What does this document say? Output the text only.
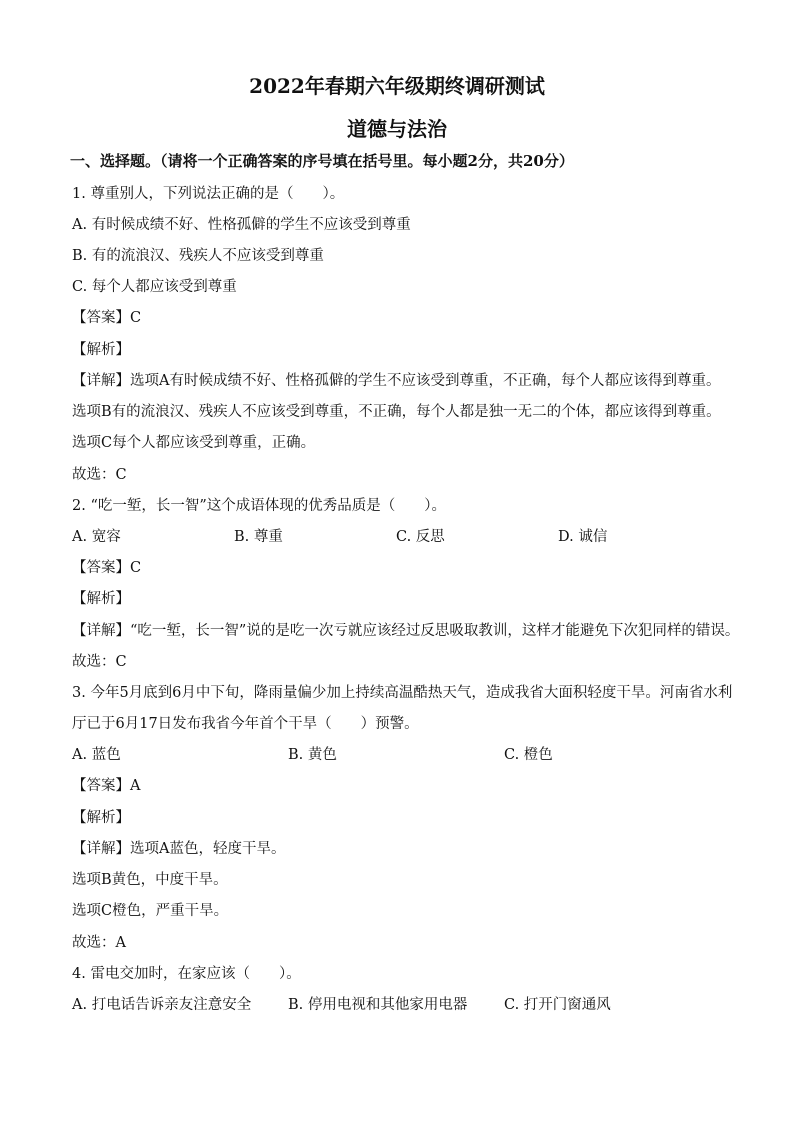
2022年春期六年级期终调研测试
道德与法治
一、选择题。（请将一个正确答案的序号填在括号里。每小题2分，共20分）
1. 尊重别人，下列说法正确的是（　　）。
A. 有时候成绩不好、性格孤僻的学生不应该受到尊重
B. 有的流浪汉、残疾人不应该受到尊重
C. 每个人都应该受到尊重
【答案】C
【解析】
【详解】选项A有时候成绩不好、性格孤僻的学生不应该受到尊重，不正确，每个人都应该得到尊重。
选项B有的流浪汉、残疾人不应该受到尊重，不正确，每个人都是独一无二的个体，都应该得到尊重。
选项C每个人都应该受到尊重，正确。
故选：C
2. “吃一堑，长一智”这个成语体现的优秀品质是（　　）。
A. 宽容	B. 尊重	C. 反思	D. 诚信
【答案】C
【解析】
【详解】“吃一堑，长一智”说的是吃一次亏就应该经过反思吸取教训，这样才能避免下次犯同样的错误。
故选：C
3. 今年5月底到6月中下旬，降雨量偏少加上持续高温酷热天气，造成我省大面积轻度干旱。河南省水利
厅已于6月17日发布我省今年首个干旱（　　）预警。
A. 蓝色	B. 黄色	C. 橙色
【答案】A
【解析】
【详解】选项A蓝色，轻度干旱。
选项B黄色，中度干旱。
选项C橙色，严重干旱。
故选：A
4. 雷电交加时，在家应该（　　）。
A. 打电话告诉亲友注意安全	B. 停用电视和其他家用电器	C. 打开门窗通风
